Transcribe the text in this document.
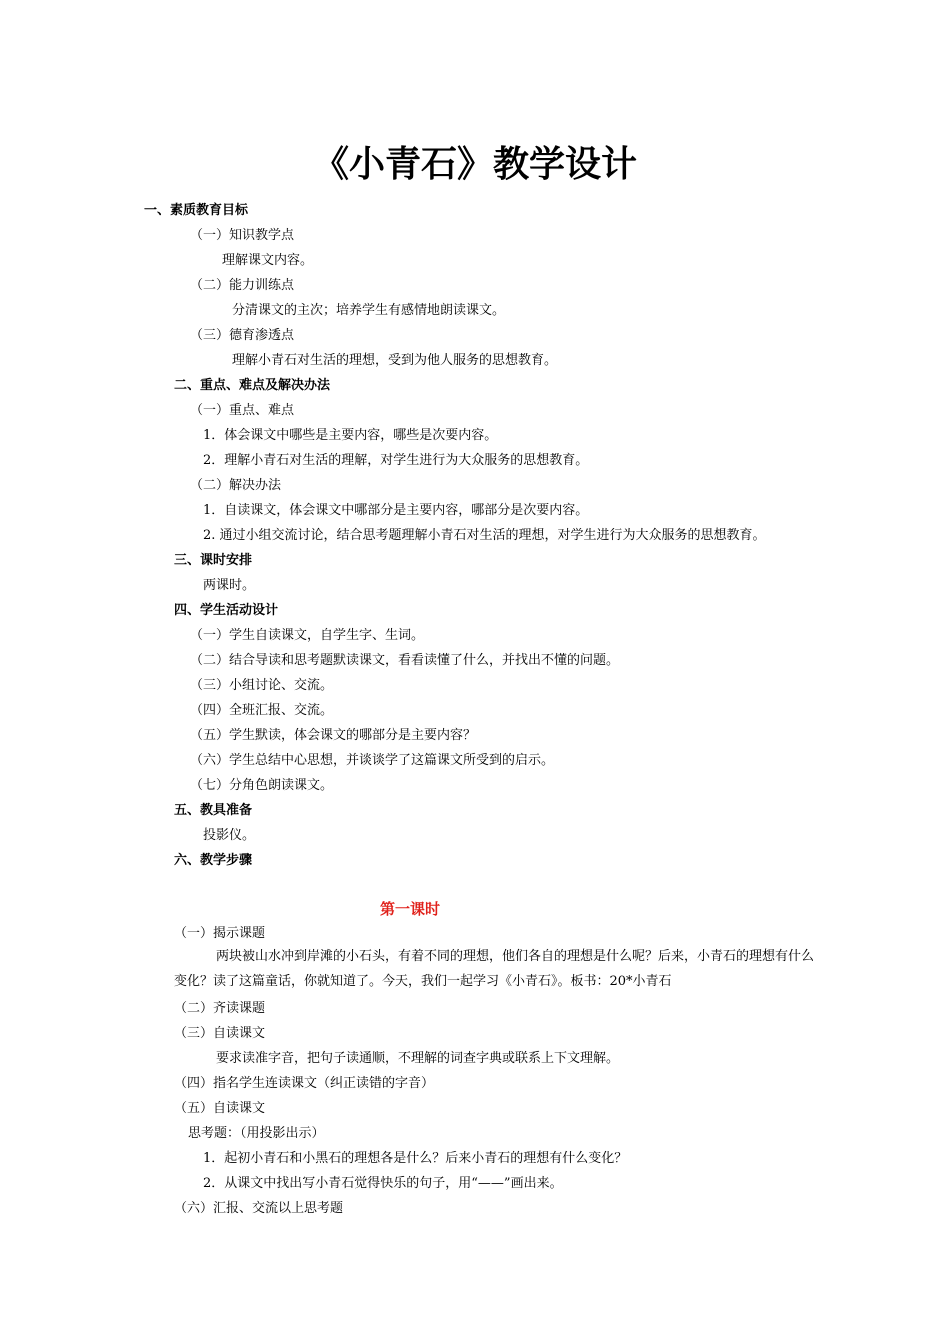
《小青石》教学设计
一、素质教育目标
（一）知识教学点
理解课文内容。
（二）能力训练点
分清课文的主次；培养学生有感情地朗读课文。
（三）德育渗透点
理解小青石对生活的理想，受到为他人服务的思想教育。
二、重点、难点及解决办法
（一）重点、难点
1．体会课文中哪些是主要内容，哪些是次要内容。
2．理解小青石对生活的理解，对学生进行为大众服务的思想教育。
（二）解决办法
1．自读课文，体会课文中哪部分是主要内容，哪部分是次要内容。
2. 通过小组交流讨论，结合思考题理解小青石对生活的理想，对学生进行为大众服务的思想教育。
三、课时安排
两课时。
四、学生活动设计
（一）学生自读课文，自学生字、生词。
（二）结合导读和思考题默读课文，看看读懂了什么，并找出不懂的问题。
（三）小组讨论、交流。
（四）全班汇报、交流。
（五）学生默读，体会课文的哪部分是主要内容？
（六）学生总结中心思想，并谈谈学了这篇课文所受到的启示。
（七）分角色朗读课文。
五、教具准备
投影仪。
六、教学步骤
第一课时
（一）揭示课题
两块被山水冲到岸滩的小石头，有着不同的理想，他们各自的理想是什么呢？后来，小青石的理想有什么变化？读了这篇童话，你就知道了。今天，我们一起学习《小青石》。板书：20*小青石
（二）齐读课题
（三）自读课文
要求读准字音，把句子读通顺，不理解的词查字典或联系上下文理解。
（四）指名学生连读课文（纠正读错的字音）
（五）自读课文
思考题：（用投影出示）
1．起初小青石和小黑石的理想各是什么？后来小青石的理想有什么变化？
2．从课文中找出写小青石觉得快乐的句子，用“——”画出来。
（六）汇报、交流以上思考题
